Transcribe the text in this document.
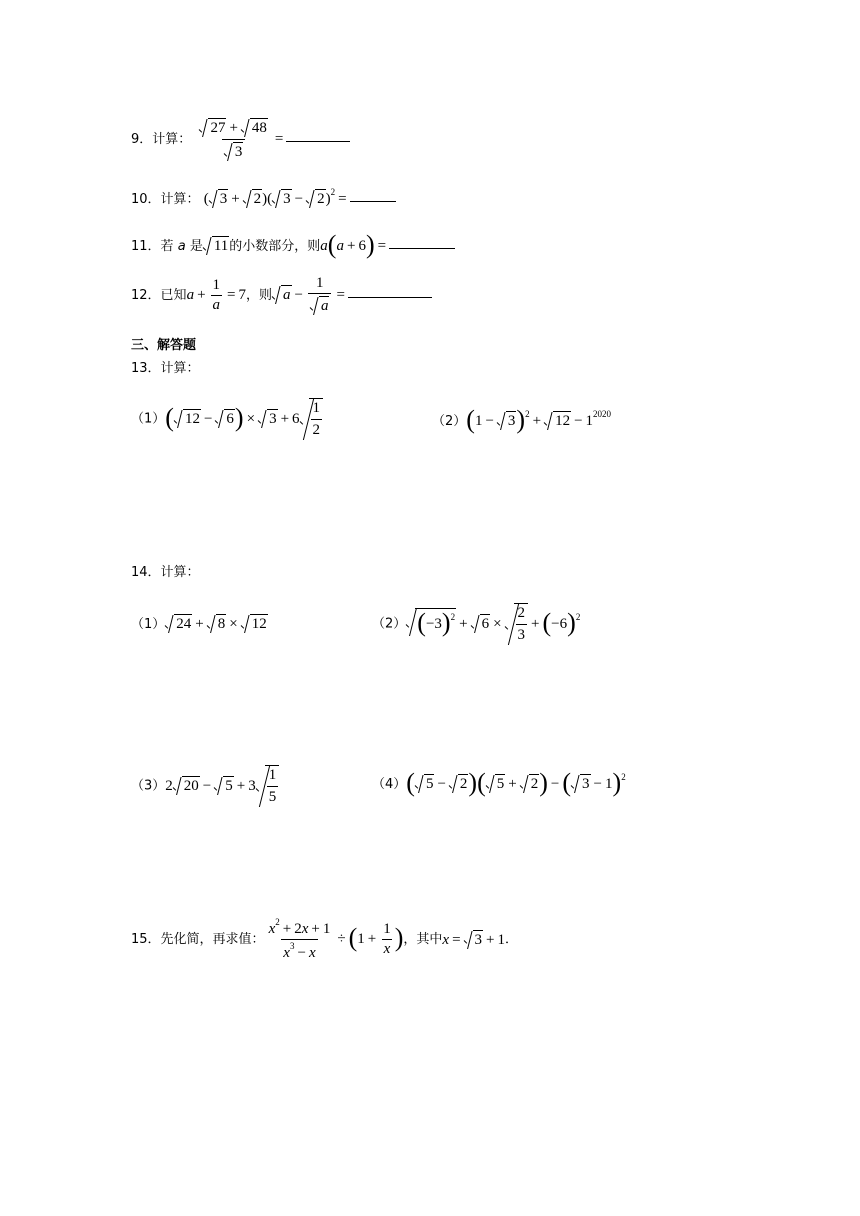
9．计算： $\frac{27 + 48}{3}$ =
10．计算： ( 3 + 2)( 3 − 2)$^2$ =
11．若 a 是 11的小数部分，则a(a + 6) =
12．已知$a + \frac{1}{a} = 7$，则 $a - \frac{1}{a}$ =
三、解答题
13．计算：
（1）( $12 - 6) \times 3 + 6 \frac{1}{2}$	$(2)(1 - 3)^2 + 12 - 1^{2020}$
14．计算：
（1） 24 + 8 × 12	（2） $(-3)^2 + 6 \times \frac{2}{3} + (-6)^2$
（3）2 $20 - 5 + 3 \frac{1}{5}$	（4）( 5 − 2)( 5 + 2) − ( 3 − 1)$^2$
15．先化简，再求值： $\frac{x^2 + 2x + 1}{x^3 - x} \div (1 + \frac{1}{x}$ )，其中x = 3 + 1．
